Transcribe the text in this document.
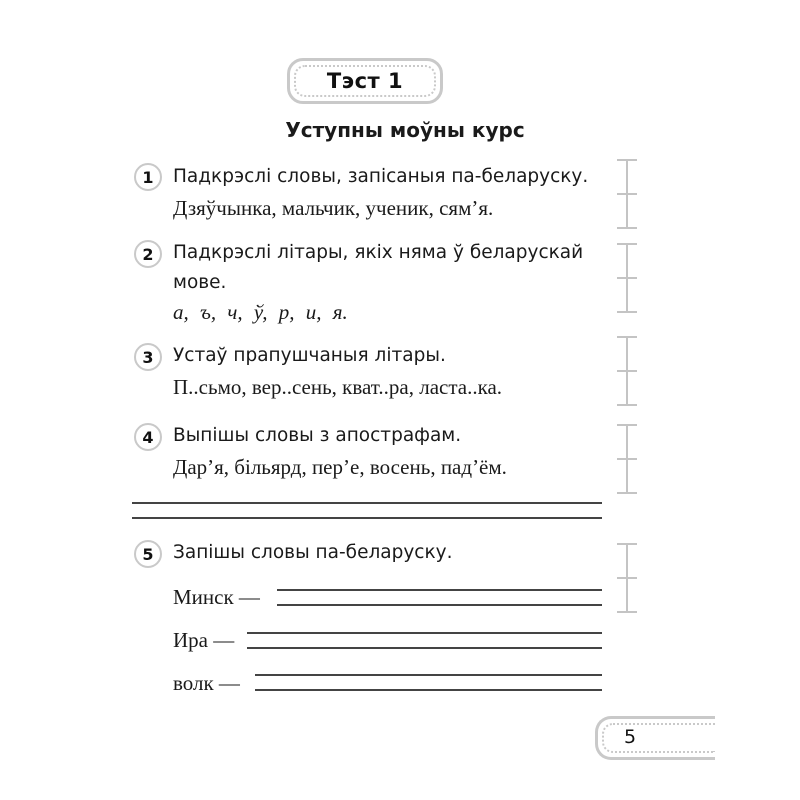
Тэст 1
Уступны моўны курс
1	Падкрэслі словы, запісаныя па-беларуску.
Дзяўчынка, мальчик, ученик, сям’я.
2	Падкрэслі літары, якіх няма ў беларускай
мове.
а, ъ, ч, ў, р, и, я.
3	Устаў прапушчаныя літары.
П..сьмо, вер..сень, кват..ра, ласта..ка.
4	Выпішы словы з апострафам.
Дар’я, більярд, пер’е, восень, пад’ём.
5	Запішы словы па-беларуску.
Минск —
Ира —
волк —
5
